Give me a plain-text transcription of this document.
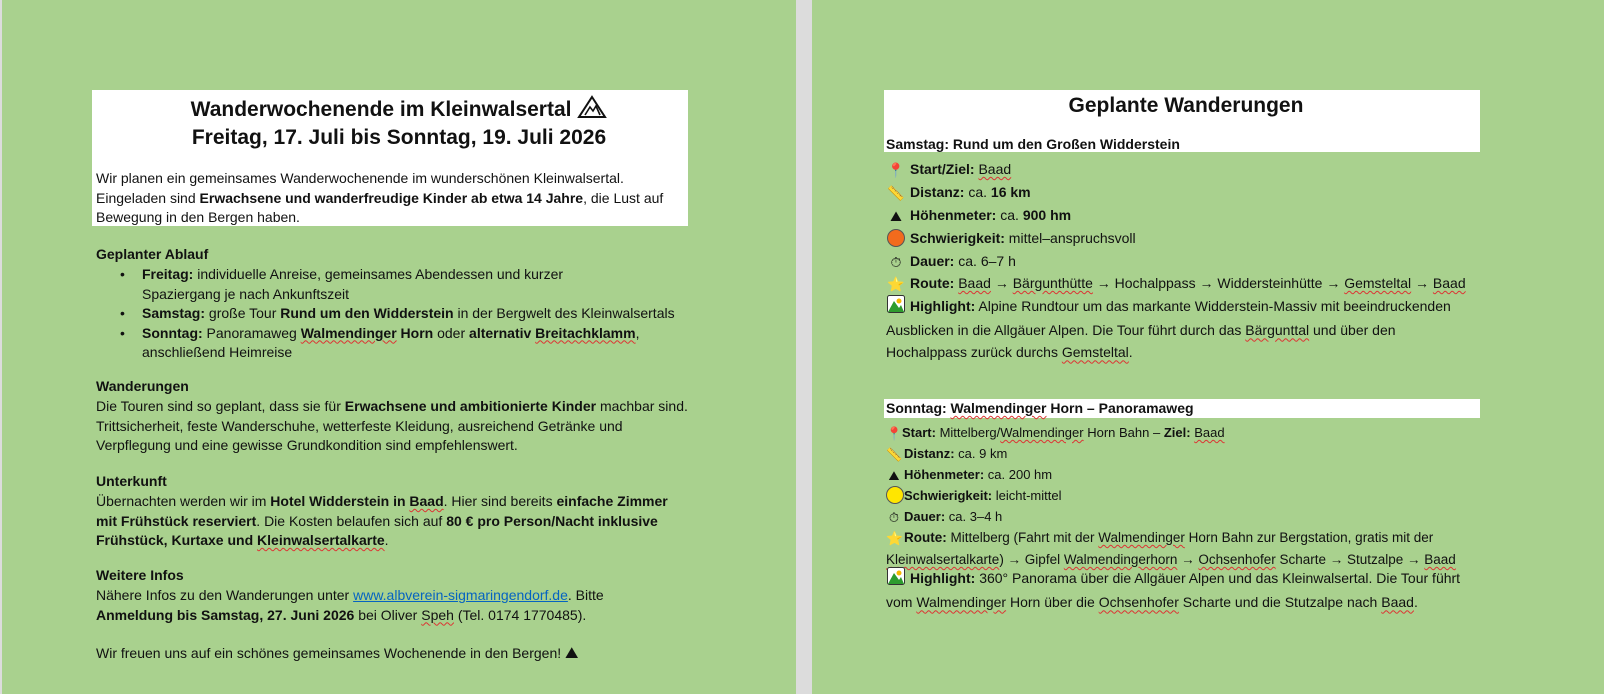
Wanderwochenende im Kleinwalsertal
Freitag, 17. Juli bis Sonntag, 19. Juli 2026
Wir planen ein gemeinsames Wanderwochenende im wunderschönen Kleinwalsertal.
Eingeladen sind Erwachsene und wanderfreudige Kinder ab etwa 14 Jahre, die Lust auf
Bewegung in den Bergen haben.
Geplanter Ablauf
• Freitag: individuelle Anreise, gemeinsames Abendessen und kurzer Spaziergang je nach Ankunftszeit
• Samstag: große Tour Rund um den Widderstein in der Bergwelt des Kleinwalsertals
• Sonntag: Panoramaweg Walmendinger Horn oder alternativ Breitachklamm,
anschließend Heimreise
Wanderungen
Die Touren sind so geplant, dass sie für Erwachsene und ambitionierte Kinder machbar sind.
Trittsicherheit, feste Wanderschuhe, wetterfeste Kleidung, ausreichend Getränke und
Verpflegung und eine gewisse Grundkondition sind empfehlenswert.
Unterkunft
Übernachten werden wir im Hotel Widderstein in Baad. Hier sind bereits einfache Zimmer
mit Frühstück reserviert. Die Kosten belaufen sich auf 80 € pro Person/Nacht inklusive
Frühstück, Kurtaxe und Kleinwalsertalkarte.
Weitere Infos
Nähere Infos zu den Wanderungen unter www.albverein-sigmaringendorf.de. Bitte
Anmeldung bis Samstag, 27. Juni 2026 bei Oliver Speh (Tel. 0174 1770485).
Wir freuen uns auf ein schönes gemeinsames Wochenende in den Bergen! ⛰
Geplante Wanderungen
Samstag: Rund um den Großen Widderstein
📍 Start/Ziel: Baad
📏 Distanz: ca. 16 km
⛰ Höhenmeter: ca. 900 hm
Schwierigkeit: mittel–anspruchsvoll
⏱ Dauer: ca. 6–7 h
⭐ Route: Baad → Bärgunthütte → Hochalppass → Widdersteinhütte → Gemsteltal → Baad
Highlight: Alpine Rundtour um das markante Widderstein-Massiv mit beeindruckenden
Ausblicken in die Allgäuer Alpen. Die Tour führt durch das Bärgunttal und über den
Hochalppass zurück durchs Gemsteltal.
Sonntag: Walmendinger Horn – Panoramaweg
📍Start: Mittelberg/Walmendinger Horn Bahn – Ziel: Baad
📏 Distanz: ca. 9 km
⛰ Höhenmeter: ca. 200 hm
Schwierigkeit: leicht-mittel
⏱ Dauer: ca. 3–4 h
⭐Route: Mittelberg (Fahrt mit der Walmendinger Horn Bahn zur Bergstation, gratis mit der
Kleinwalsertalkarte) → Gipfel Walmendingerhorn → Ochsenhofer Scharte → Stutzalpe → Baad
Highlight: 360° Panorama über die Allgäuer Alpen und das Kleinwalsertal. Die Tour führt
vom Walmendinger Horn über die Ochsenhofer Scharte und die Stutzalpe nach Baad.
